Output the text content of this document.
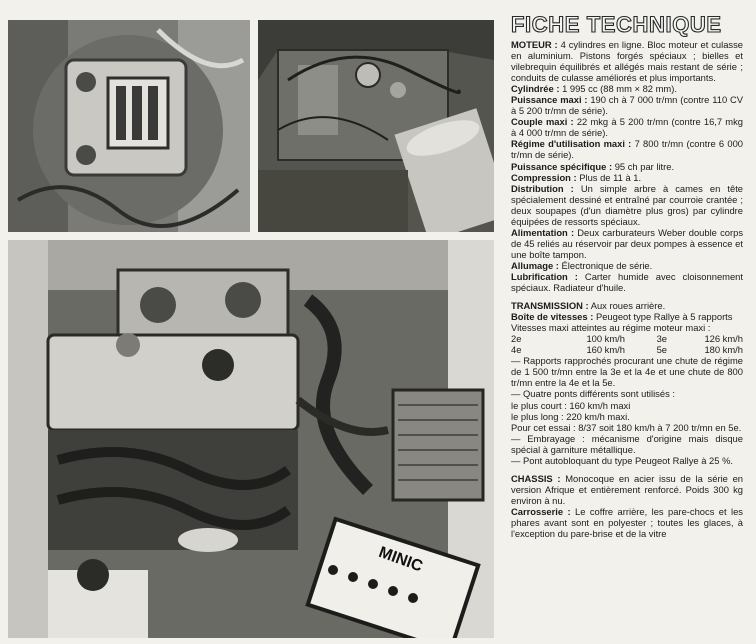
MINIC
FICHE TECHNIQUE

MOTEUR : 4 cylindres en ligne. Bloc moteur et culasse en aluminium. Pistons forgés spéciaux ; bielles et vilebrequin équilibrés et allégés mais restant de série ; conduits de culasse améliorés et plus importants.

Cylindrée : 1 995 cc (88 mm × 82 mm).

Puissance maxi : 190 ch à 7 000 tr/mn (contre 110 CV à 5 200 tr/mn de série).

Couple maxi : 22 mkg à 5 200 tr/mn (contre 16,7 mkg à 4 000 tr/mn de série).

Régime d'utilisation maxi : 7 800 tr/mn (contre 6 000 tr/mn de série).

Puissance spécifique : 95 ch par litre.

Compression : Plus de 11 à 1.

Distribution : Un simple arbre à cames en tête spécialement dessiné et entraîné par courroie crantée ; deux soupapes (d'un diamètre plus gros) par cylindre équipées de ressorts spéciaux.

Alimentation : Deux carburateurs Weber double corps de 45 reliés au réservoir par deux pompes à essence et une boîte tampon.

Allumage : Électronique de série.

Lubrification : Carter humide avec cloisonnement spéciaux. Radiateur d'huile.

TRANSMISSION : Aux roues arrière.

Boîte de vitesses : Peugeot type Rallye à 5 rapports

Vitesses maxi atteintes au régime moteur maxi :

2e	100 km/h	3e	126 km/h
4e	160 km/h	5e	180 km/h

— Rapports rapprochés procurant une chute de régime de 1 500 tr/mn entre la 3e et la 4e et une chute de 800 tr/mn entre la 4e et la 5e.

— Quatre ponts différents sont utilisés :

le plus court : 160 km/h maxi

le plus long : 220 km/h maxi.

Pour cet essai : 8/37 soit 180 km/h à 7 200 tr/mn en 5e.

— Embrayage : mécanisme d'origine mais disque spécial à garniture métallique.

— Pont autobloquant du type Peugeot Rallye à 25 %.

CHASSIS : Monocoque en acier issu de la série en version Afrique et entièrement renforcé. Poids 300 kg environ à nu.

Carrosserie : Le coffre arrière, les pare-chocs et les phares avant sont en polyester ; toutes les glaces, à l'exception du pare-brise et de la vitre
